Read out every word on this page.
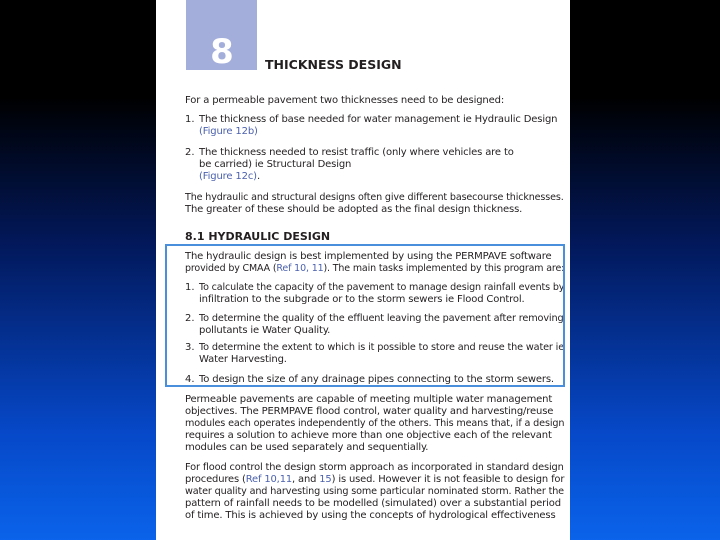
8	THICKNESS DESIGN
For a permeable pavement two thicknesses need to be designed:
1. The thickness of base needed for water management ie Hydraulic Design
(Figure 12b)
2. The thickness needed to resist traffic (only where vehicles are to
be carried) ie Structural Design
(Figure 12c).
The hydraulic and structural designs often give different basecourse thicknesses.
The greater of these should be adopted as the final design thickness.
8.1 HYDRAULIC DESIGN
The hydraulic design is best implemented by using the PERMPAVE software
provided by CMAA (Ref 10, 11). The main tasks implemented by this program are:
1. To calculate the capacity of the pavement to manage design rainfall events by
infiltration to the subgrade or to the storm sewers ie Flood Control.
2. To determine the quality of the effluent leaving the pavement after removing
pollutants ie Water Quality.
3. To determine the extent to which is it possible to store and reuse the water ie
Water Harvesting.
4. To design the size of any drainage pipes connecting to the storm sewers.
Permeable pavements are capable of meeting multiple water management
objectives. The PERMPAVE flood control, water quality and harvesting/reuse
modules each operates independently of the others. This means that, if a design
requires a solution to achieve more than one objective each of the relevant
modules can be used separately and sequentially.
For flood control the design storm approach as incorporated in standard design
procedures (Ref 10,11, and 15) is used. However it is not feasible to design for
water quality and harvesting using some particular nominated storm. Rather the
pattern of rainfall needs to be modelled (simulated) over a substantial period
of time. This is achieved by using the concepts of hydrological effectiveness
